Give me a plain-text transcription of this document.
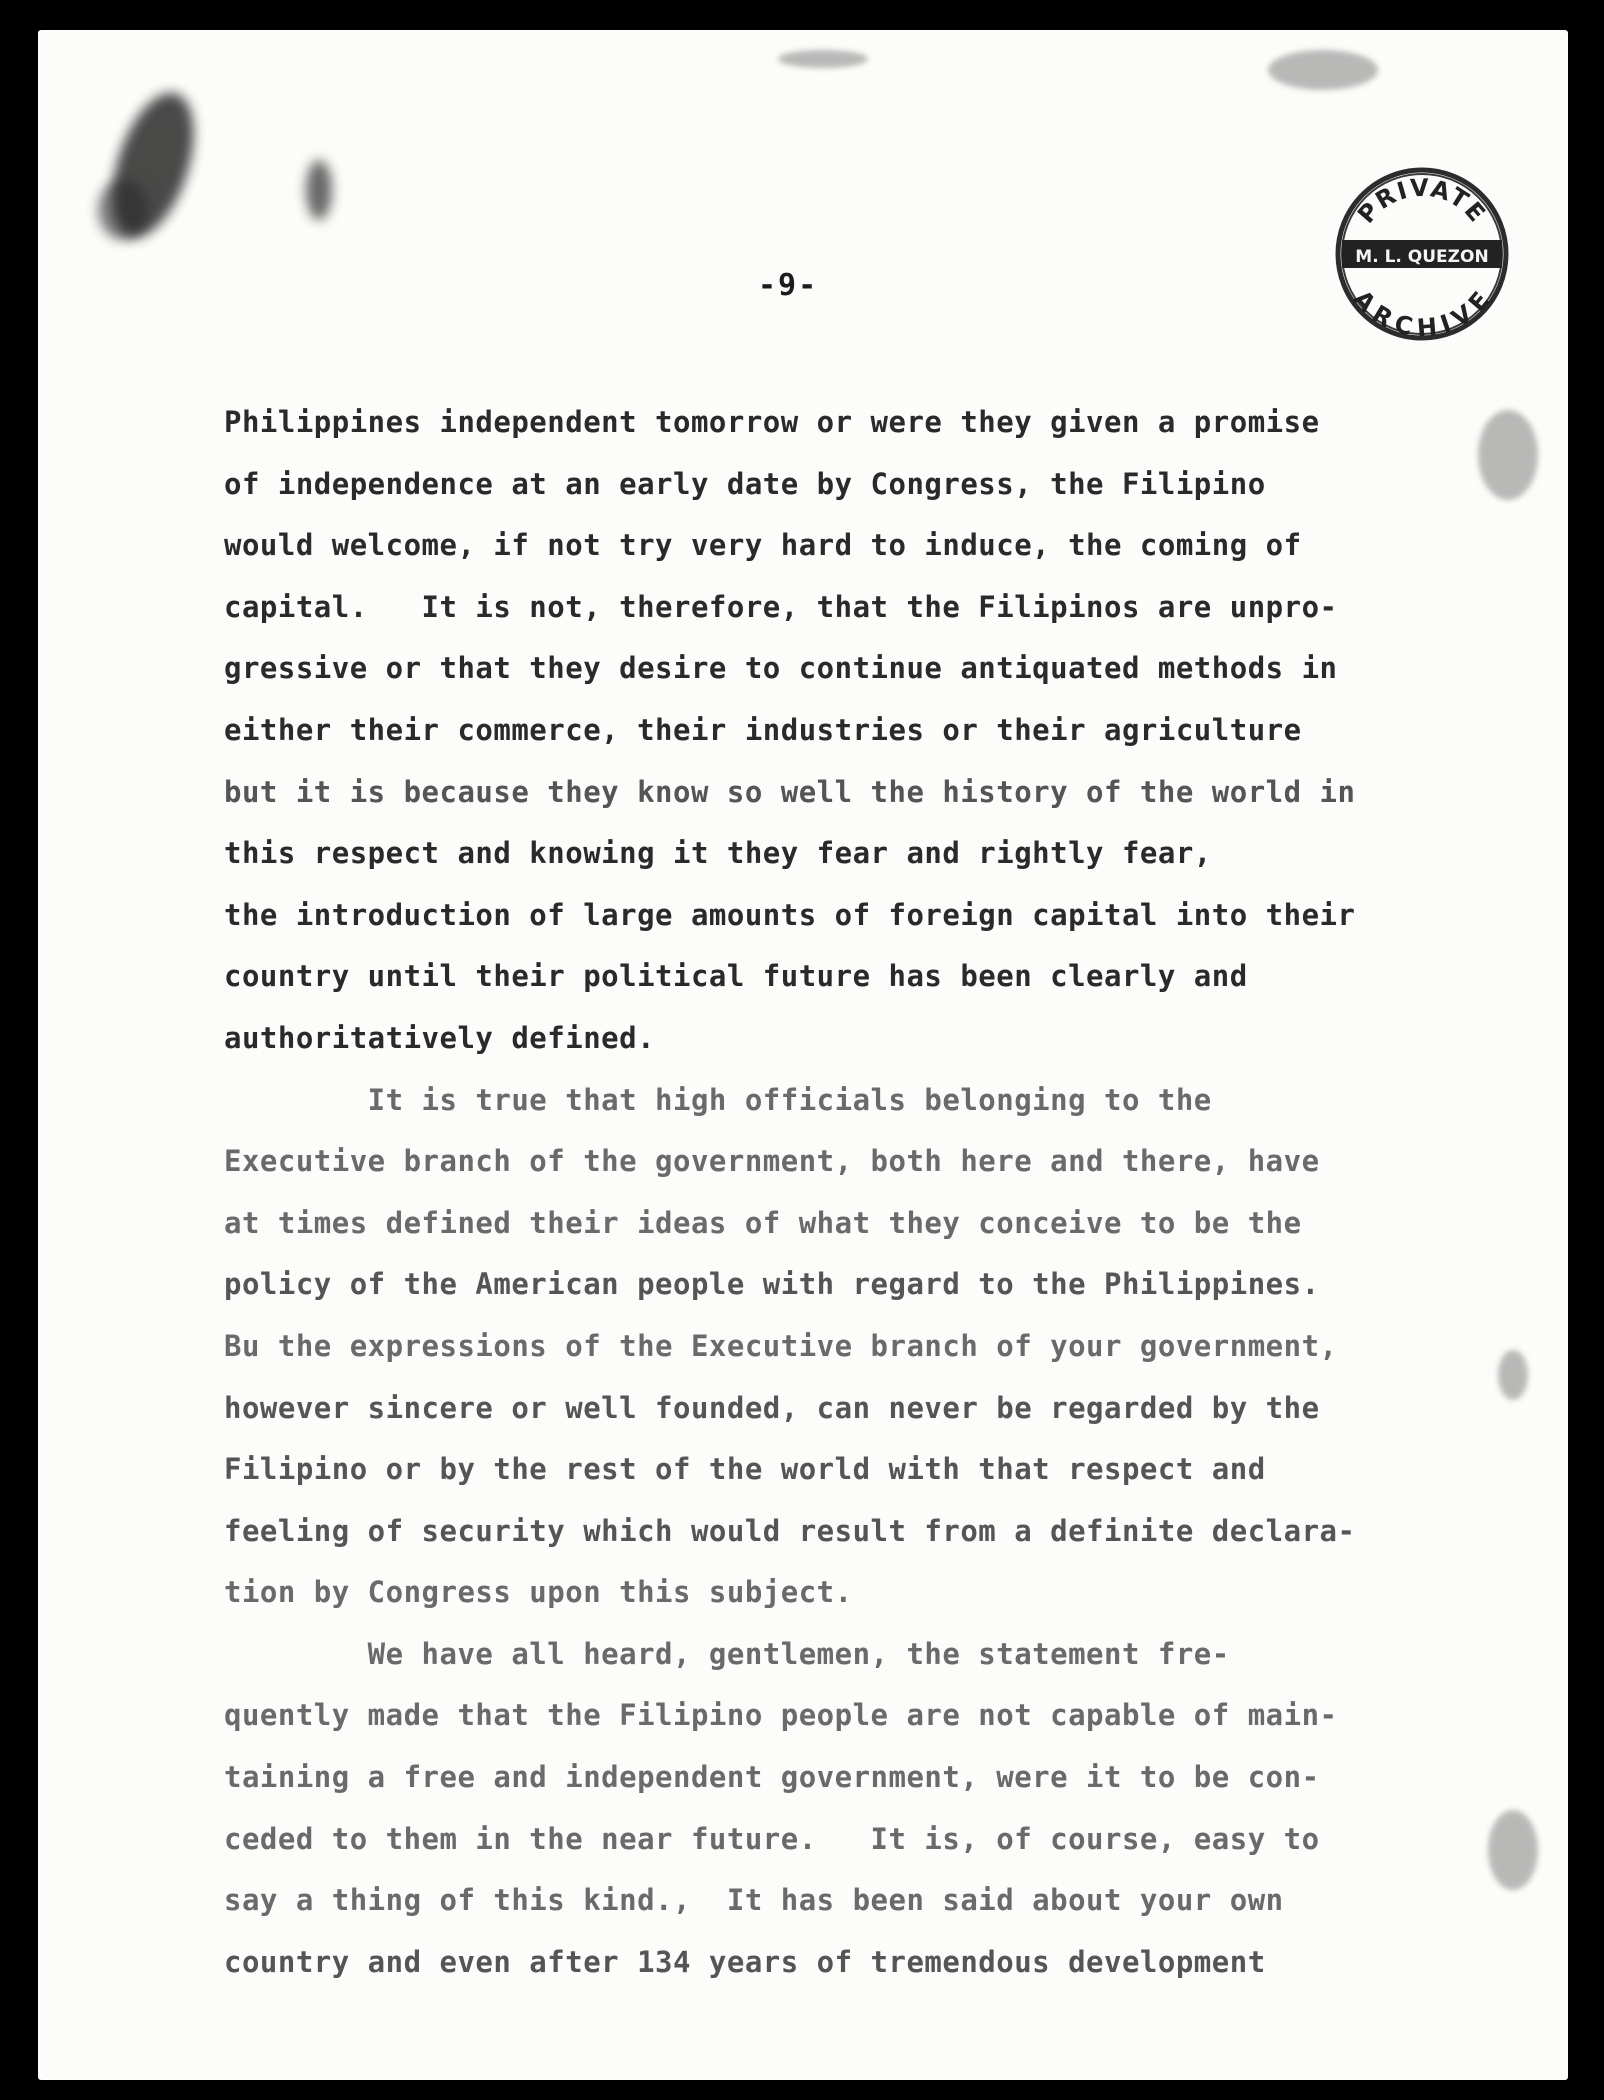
-9-
PRIVATE
M. L. QUEZON
ARCHIVE
Philippines independent tomorrow or were they given a promise
of independence at an early date by Congress, the Filipino
would welcome, if not try very hard to induce, the coming of
capital.   It is not, therefore, that the Filipinos are unpro-
gressive or that they desire to continue antiquated methods in
either their commerce, their industries or their agriculture
but it is because they know so well the history of the world in
this respect and knowing it they fear and rightly fear,
the introduction of large amounts of foreign capital into their
country until their political future has been clearly and
authoritatively defined.
It is true that high officials belonging to the
Executive branch of the government, both here and there, have
at times defined their ideas of what they conceive to be the
policy of the American people with regard to the Philippines.
Bu the expressions of the Executive branch of your government,
however sincere or well founded, can never be regarded by the
Filipino or by the rest of the world with that respect and
feeling of security which would result from a definite declara-
tion by Congress upon this subject.
We have all heard, gentlemen, the statement fre-
quently made that the Filipino people are not capable of main-
taining a free and independent government, were it to be con-
ceded to them in the near future.   It is, of course, easy to
say a thing of this kind.,  It has been said about your own
country and even after 134 years of tremendous development
